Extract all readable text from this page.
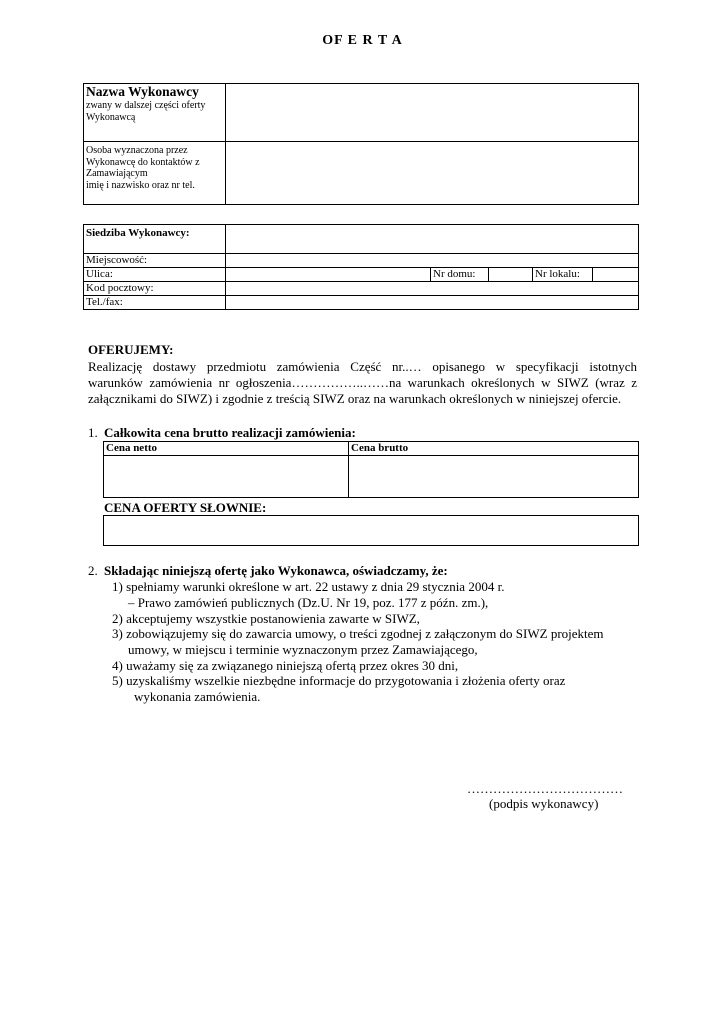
OF E R T A
Nazwa Wykonawcy
zwany w dalszej części oferty Wykonawcą	

Osoba wyznaczona przez
Wykonawcę do kontaktów z
Zamawiającym
imię i nazwisko oraz nr tel.	

Siedziba Wykonawcy:					
Miejscowość:					
Ulica:		Nr domu:		Nr lokalu:	
Kod pocztowy:					
Tel./fax:					
OFERUJEMY:
Realizację dostawy przedmiotu zamówienia Część nr..… opisanego w specyfikacji istotnych
warunków zamówienia nr ogłoszenia……………..……na warunkach określonych w SIWZ (wraz z
załącznikami do SIWZ) i zgodnie z treścią SIWZ oraz na warunkach określonych w niniejszej ofercie.
1. Całkowita cena brutto realizacji zamówienia:
Cena netto	Cena brutto

CENA OFERTY SŁOWNIE:
2. Składając niniejszą ofertę jako Wykonawca, oświadczamy, że:
1) spełniamy warunki określone w art. 22 ustawy z dnia 29 stycznia 2004 r.
– Prawo zamówień publicznych (Dz.U. Nr 19, poz. 177 z późn. zm.),
2) akceptujemy wszystkie postanowienia zawarte w SIWZ,
3) zobowiązujemy się do zawarcia umowy, o treści zgodnej z załączonym do SIWZ projektem
umowy, w miejscu i terminie wyznaczonym przez Zamawiającego,
4) uważamy się za związanego niniejszą ofertą przez okres 30 dni,
5) uzyskaliśmy wszelkie niezbędne informacje do przygotowania i złożenia oferty oraz
wykonania zamówienia.
………………………………
(podpis wykonawcy)
